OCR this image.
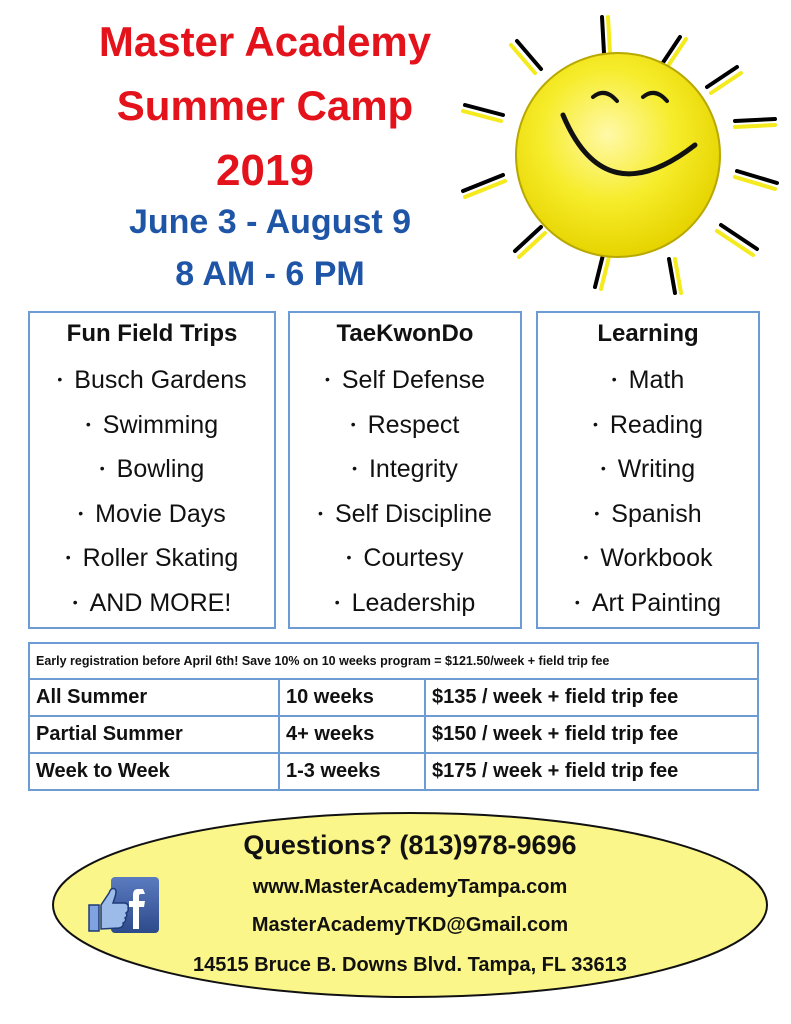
Master Academy
Summer Camp
2019
June 3 - August 9
8 AM - 6 PM
Fun Field Trips
• Busch Gardens
• Swimming
• Bowling
• Movie Days
• Roller Skating
• AND MORE!
TaeKwonDo
• Self Defense
• Respect
• Integrity
• Self Discipline
• Courtesy
• Leadership
Learning
• Math
• Reading
• Writing
• Spanish
• Workbook
• Art Painting
Early registration before April 6th! Save 10% on 10 weeks program = $121.50/week + field trip fee		
All Summer	10 weeks	$135 / week + field trip fee
Partial Summer	4+ weeks	$150 / week + field trip fee
Week to Week	1-3 weeks	$175 / week + field trip fee
Questions? (813)978-9696
www.MasterAcademyTampa.com
MasterAcademyTKD@Gmail.com
14515 Bruce B. Downs Blvd. Tampa, FL 33613
